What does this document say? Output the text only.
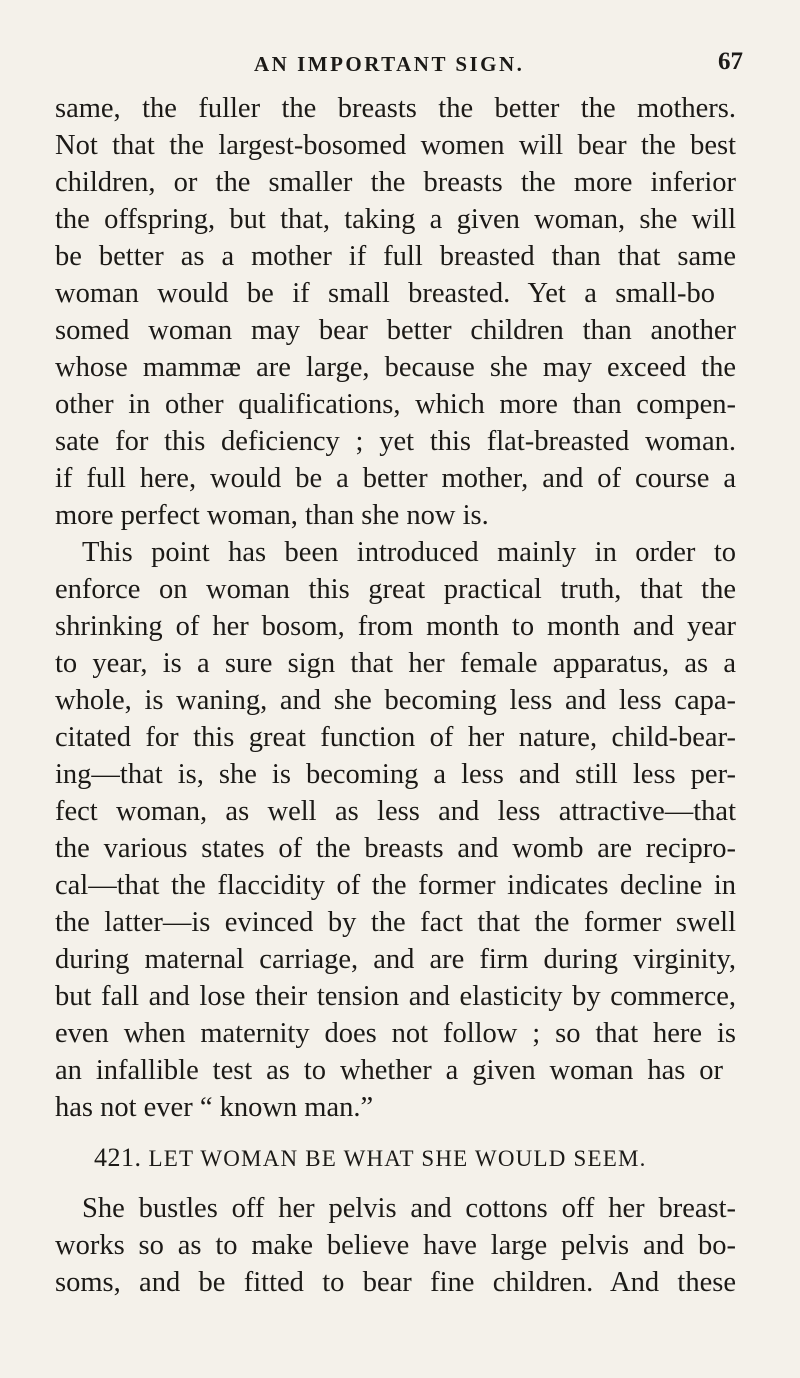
AN IMPORTANT SIGN.	67
same, the fuller the breasts the better the mothers.
Not that the largest-bosomed women will bear the best
children, or the smaller the breasts the more inferior
the offspring, but that, taking a given woman, she will
be better as a mother if full breasted than that same
woman would be if small breasted. Yet a small-bo
somed woman may bear better children than another
whose mammæ are large, because she may exceed the
other in other qualifications, which more than compen-
sate for this deficiency ; yet this flat-breasted woman.
if full here, would be a better mother, and of course a
more perfect woman, than she now is.
This point has been introduced mainly in order to
enforce on woman this great practical truth, that the
shrinking of her bosom, from month to month and year
to year, is a sure sign that her female apparatus, as a
whole, is waning, and she becoming less and less capa-
citated for this great function of her nature, child-bear-
ing—that is, she is becoming a less and still less per-
fect woman, as well as less and less attractive—that
the various states of the breasts and womb are recipro-
cal—that the flaccidity of the former indicates decline in
the latter—is evinced by the fact that the former swell
during maternal carriage, and are firm during virginity,
but fall and lose their tension and elasticity by commerce,
even when maternity does not follow ; so that here is
an infallible test as to whether a given woman has or
has not ever “ known man.”
421. LET WOMAN BE WHAT SHE WOULD SEEM.
She bustles off her pelvis and cottons off her breast-
works so as to make believe have large pelvis and bo-
soms, and be fitted to bear fine children. And these
